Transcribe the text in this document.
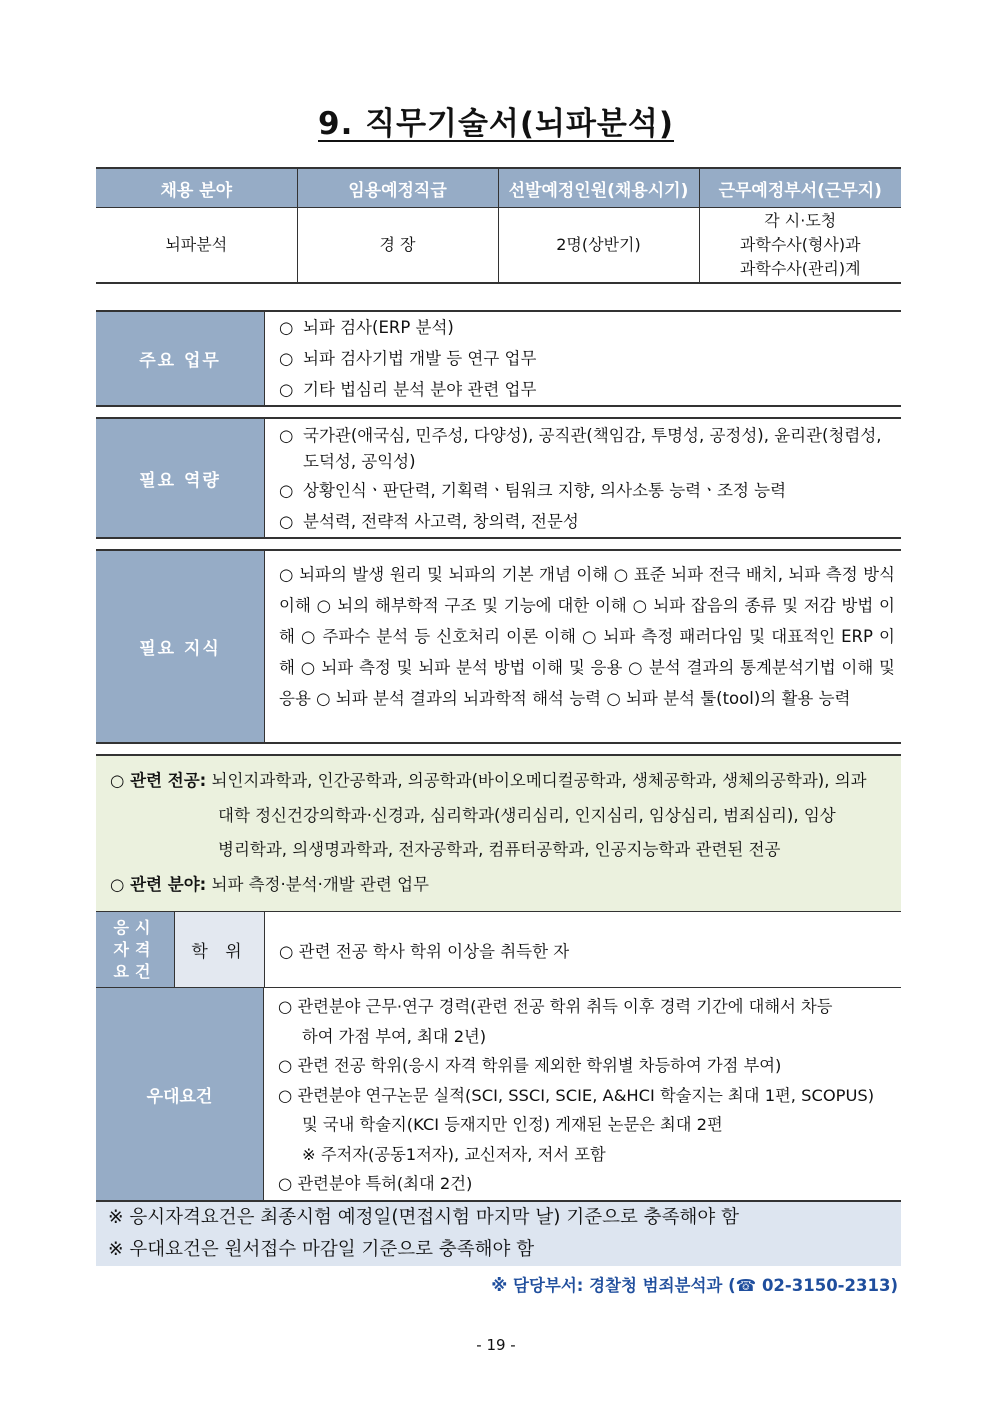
9. 직무기술서(뇌파분석)
채용 분야	임용예정직급	선발예정인원(채용시기)	근무예정부서(근무지)
뇌파분석	경 장	2명(상반기)	각 시·도청
과학수사(형사)과
과학수사(관리)계
주요 업무
○ 뇌파 검사(ERP 분석)
○ 뇌파 검사기법 개발 등 연구 업무
○ 기타 법심리 분석 분야 관련 업무
필요 역량
○ 국가관(애국심, 민주성, 다양성), 공직관(책임감, 투명성, 공정성), 윤리관(청렴성, 도덕성, 공익성)
○ 상황인식ㆍ판단력, 기획력ㆍ팀워크 지향, 의사소통 능력ㆍ조정 능력
○ 분석력, 전략적 사고력, 창의력, 전문성
필요 지식
○ 뇌파의 발생 원리 및 뇌파의 기본 개념 이해 ○ 표준 뇌파 전극 배치, 뇌파 측정 방식 이해 ○ 뇌의 해부학적 구조 및 기능에 대한 이해 ○ 뇌파 잡음의 종류 및 저감 방법 이해 ○ 주파수 분석 등 신호처리 이론 이해 ○ 뇌파 측정 패러다임 및 대표적인 ERP 이해 ○ 뇌파 측정 및 뇌파 분석 방법 이해 및 응용 ○ 분석 결과의 통계분석기법 이해 및 응용 ○ 뇌파 분석 결과의 뇌과학적 해석 능력 ○ 뇌파 분석 툴(tool)의 활용 능력
○ 관련 전공:
뇌인지과학과, 인간공학과, 의공학과(바이오메디컬공학과, 생체공학과, 생체의공학과), 의과
대학 정신건강의학과·신경과, 심리학과(생리심리, 인지심리, 임상심리, 범죄심리), 임상
병리학과, 의생명과학과, 전자공학과, 컴퓨터공학과, 인공지능학과 관련된 전공
○ 관련 분야:
뇌파 측정·분석·개발 관련 업무
응시
자격
요건
학 위	○ 관련 전공 학사 학위 이상을 취득한 자
우대요건
○ 관련분야 근무·연구 경력(관련 전공 학위 취득 이후 경력 기간에 대해서 차등
하여 가점 부여, 최대 2년)
○ 관련 전공 학위(응시 자격 학위를 제외한 학위별 차등하여 가점 부여)
○ 관련분야 연구논문 실적(SCI, SSCI, SCIE, A&HCI 학술지는 최대 1편, SCOPUS)
및 국내 학술지(KCI 등재지만 인정) 게재된 논문은 최대 2편
※ 주저자(공동1저자), 교신저자, 저서 포함
○ 관련분야 특허(최대 2건)
※ 응시자격요건은 최종시험 예정일(면접시험 마지막 날) 기준으로 충족해야 함
※ 우대요건은 원서접수 마감일 기준으로 충족해야 함
※ 담당부서: 경찰청 범죄분석과 (☎ 02-3150-2313)
- 19 -
